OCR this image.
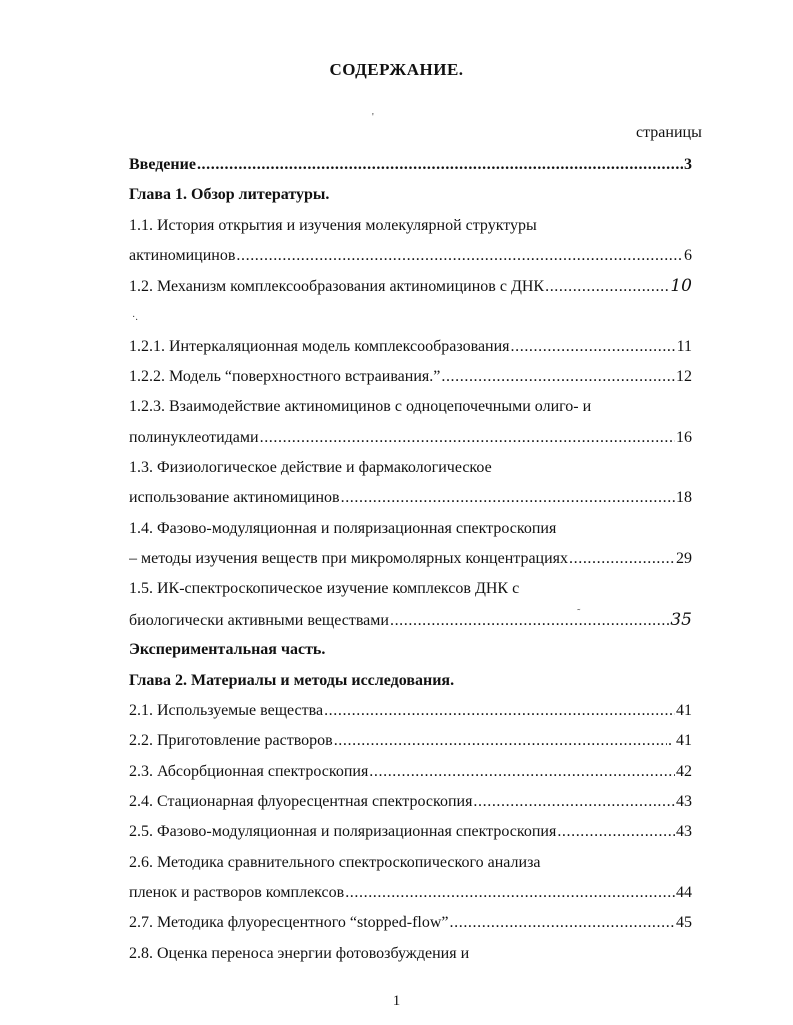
СОДЕРЖАНИЕ.
'
страницы
Введение .....	3
Глава 1. Обзор литературы.
1.1. История открытия и изучения молекулярной структуры
актиномицинов .....	6
1.2. Механизм комплексообразования актиномицинов с ДНК .....	10
1.2.1. Интеркаляционная модель комплексообразования .....	11
1.2.2. Модель “поверхностного встраивания.” .....	12
1.2.3. Взаимодействие актиномицинов с одноцепочечными олиго- и
полинуклеотидами .....	16
1.3. Физиологическое действие и фармакологическое
использование актиномицинов .....	18
1.4. Фазово-модуляционная и поляризационная спектроскопия
– методы изучения веществ при микромолярных концентрациях .....	29
1.5. ИК-спектроскопическое изучение комплексов ДНК с
биологически активными веществами .....	35
Экспериментальная часть.
Глава 2. Материалы и методы исследования.
2.1. Используемые вещества .....	41
2.2. Приготовление растворов .....	. 41
2.3. Абсорбционная спектроскопия .....	42
2.4. Стационарная флуоресцентная спектроскопия .....	43
2.5. Фазово-модуляционная и поляризационная спектроскопия .....	43
2.6. Методика сравнительного спектроскопического анализа
пленок и растворов комплексов .....	44
2.7. Методика флуоресцентного “stopped-flow” .....	45
2.8. Оценка переноса энергии фотовозбуждения и
·.
˜
1
